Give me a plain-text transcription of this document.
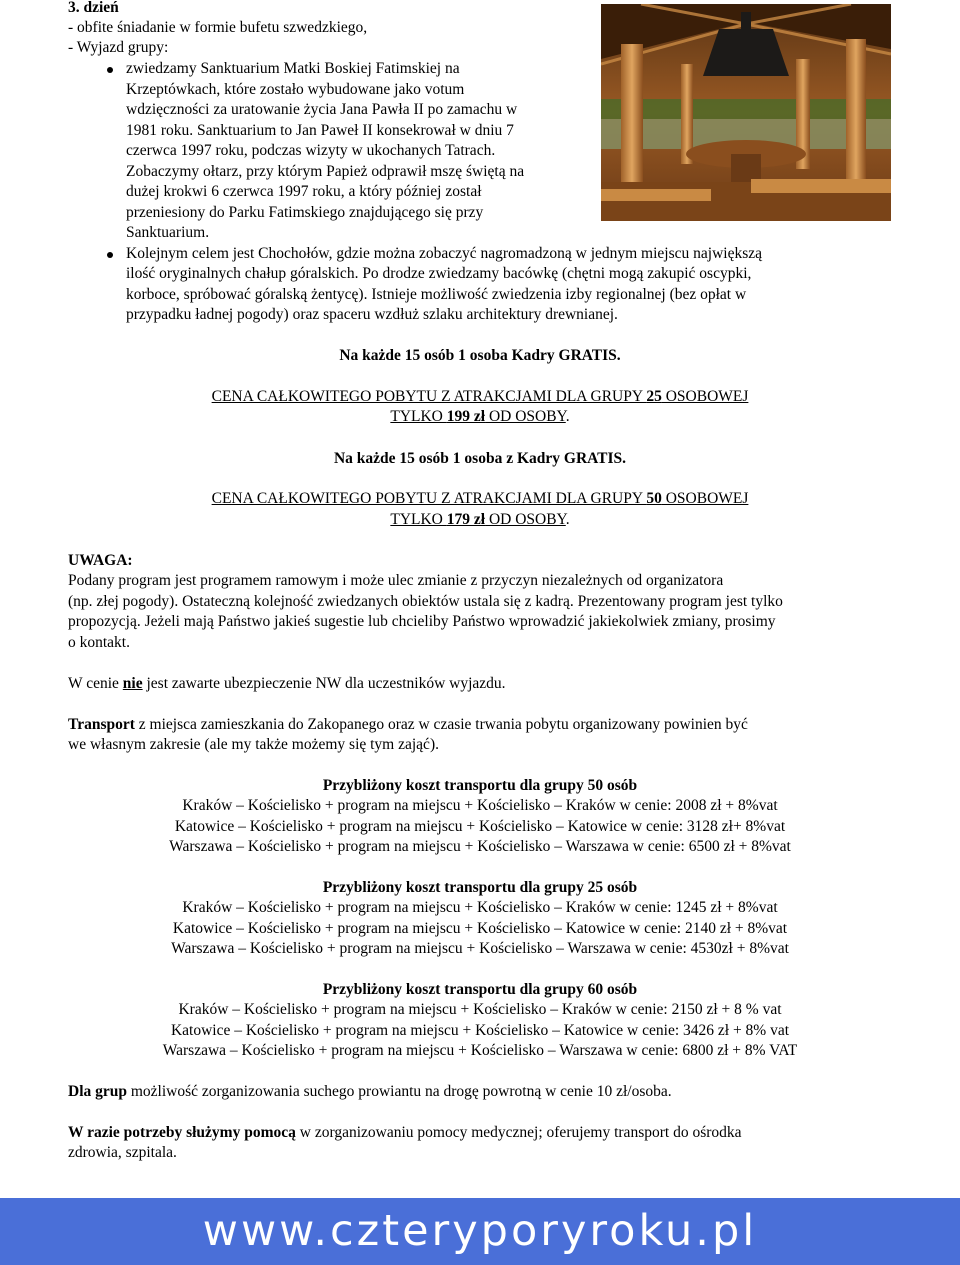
3. dzień
- obfite śniadanie w formie bufetu szwedzkiego,
- Wyjazd grupy:
zwiedzamy Sanktuarium Matki Boskiej Fatimskiej na
Krzeptówkach, które zostało wybudowane jako votum
wdzięczności za uratowanie życia Jana Pawła II po zamachu w
1981 roku. Sanktuarium to Jan Paweł II konsekrował w dniu 7
czerwca 1997 roku, podczas wizyty w ukochanych Tatrach.
Zobaczymy ołtarz, przy którym Papież odprawił mszę świętą na
dużej krokwi 6 czerwca 1997 roku, a który później został
przeniesiony do Parku Fatimskiego znajdującego się przy
Sanktuarium.
Kolejnym celem jest Chochołów, gdzie można zobaczyć nagromadzoną w jednym miejscu największą
ilość oryginalnych chałup góralskich. Po drodze zwiedzamy bacówkę (chętni mogą zakupić oscypki,
korboce, spróbować góralską żentycę). Istnieje możliwość zwiedzenia izby regionalnej (bez opłat w
przypadku ładnej pogody) oraz spaceru wzdłuż szlaku architektury drewnianej.
Na każde 15 osób 1 osoba Kadry GRATIS.
CENA CAŁKOWITEGO POBYTU Z ATRAKCJAMI DLA GRUPY 25 OSOBOWEJ
TYLKO 199 zł OD OSOBY.
Na każde 15 osób 1 osoba z Kadry GRATIS.
CENA CAŁKOWITEGO POBYTU Z ATRAKCJAMI DLA GRUPY 50 OSOBOWEJ
TYLKO 179 zł OD OSOBY.
UWAGA:
Podany program jest programem ramowym i może ulec zmianie z przyczyn niezależnych od organizatora
(np. złej pogody). Ostateczną kolejność zwiedzanych obiektów ustala się z kadrą. Prezentowany program jest tylko
propozycją. Jeżeli mają Państwo jakieś sugestie lub chcieliby Państwo wprowadzić jakiekolwiek zmiany, prosimy
o kontakt.
W cenie nie jest zawarte ubezpieczenie NW dla uczestników wyjazdu.
Transport z miejsca zamieszkania do Zakopanego oraz w czasie trwania pobytu organizowany powinien być
we własnym zakresie (ale my także możemy się tym zająć).
Przybliżony koszt transportu dla grupy 50 osób
Kraków – Kościelisko + program na miejscu + Kościelisko – Kraków w cenie: 2008 zł + 8%vat
Katowice – Kościelisko + program na miejscu + Kościelisko – Katowice w cenie: 3128 zł+ 8%vat
Warszawa – Kościelisko + program na miejscu + Kościelisko – Warszawa w cenie: 6500 zł + 8%vat
Przybliżony koszt transportu dla grupy 25 osób
Kraków – Kościelisko + program na miejscu + Kościelisko – Kraków w cenie: 1245 zł + 8%vat
Katowice – Kościelisko + program na miejscu + Kościelisko – Katowice w cenie: 2140 zł + 8%vat
Warszawa – Kościelisko + program na miejscu + Kościelisko – Warszawa w cenie: 4530zł + 8%vat
Przybliżony koszt transportu dla grupy 60 osób
Kraków – Kościelisko + program na miejscu + Kościelisko – Kraków w cenie: 2150 zł + 8 % vat
Katowice – Kościelisko + program na miejscu + Kościelisko – Katowice w cenie: 3426 zł + 8% vat
Warszawa – Kościelisko + program na miejscu + Kościelisko – Warszawa w cenie: 6800 zł + 8% VAT
Dla grup możliwość zorganizowania suchego prowiantu na drogę powrotną w cenie 10 zł/osoba.
W razie potrzeby służymy pomocą w zorganizowaniu pomocy medycznej; oferujemy transport do ośrodka
zdrowia, szpitala.
www.czteryporyroku.pl
